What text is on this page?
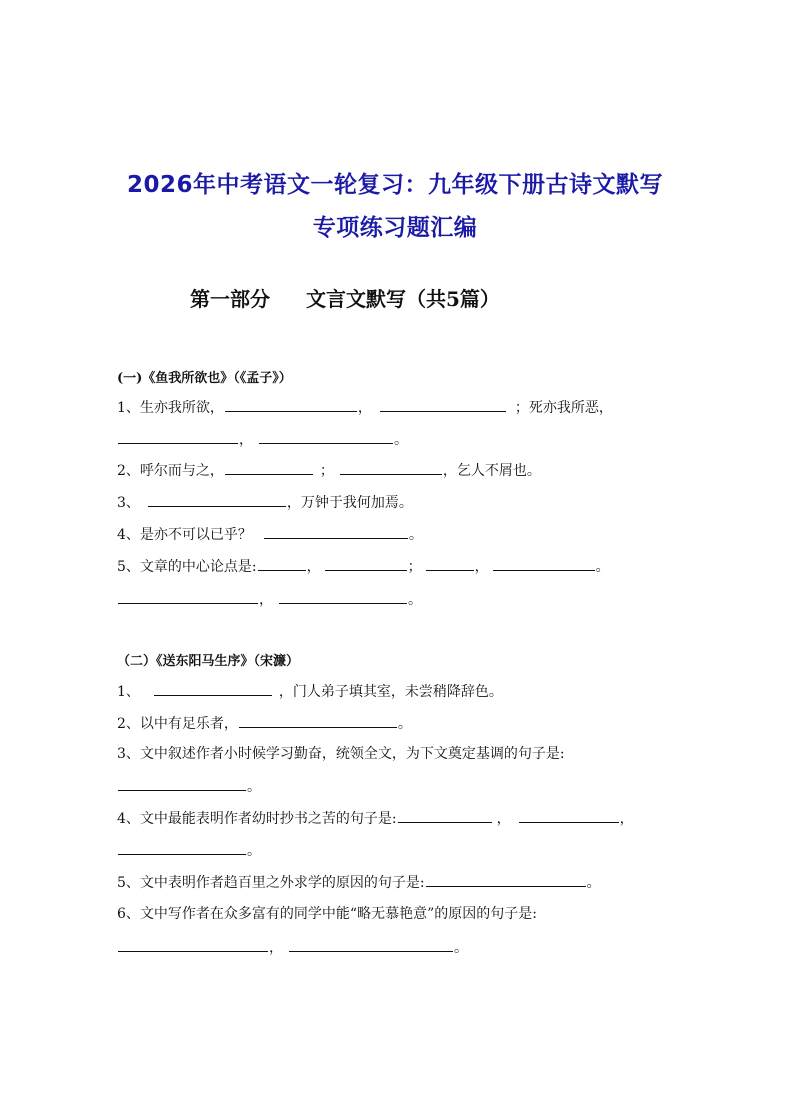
2026年中考语文一轮复习：九年级下册古诗文默写
专项练习题汇编
第一部分 文言文默写（共5篇）
(一)《鱼我所欲也》（《孟子》）
1、生亦我所欲，	，	；死亦我所恶，
，	。
2、呼尔而与之，	；	，乞人不屑也。
3、	，万钟于我何加焉。
4、是亦不可以已乎？	。
5、文章的中心论点是:	，	；	，	。
，	。
（二）《送东阳马生序》（宋濂）
1、	，门人弟子填其室，未尝稍降辞色。
2、以中有足乐者，	。
3、文中叙述作者小时候学习勤奋，统领全文，为下文奠定基调的句子是:
。
4、文中最能表明作者幼时抄书之苦的句子是:	，	，
。
5、文中表明作者趋百里之外求学的原因的句子是:	。
6、文中写作者在众多富有的同学中能“略无慕艳意”的原因的句子是:
，	。
